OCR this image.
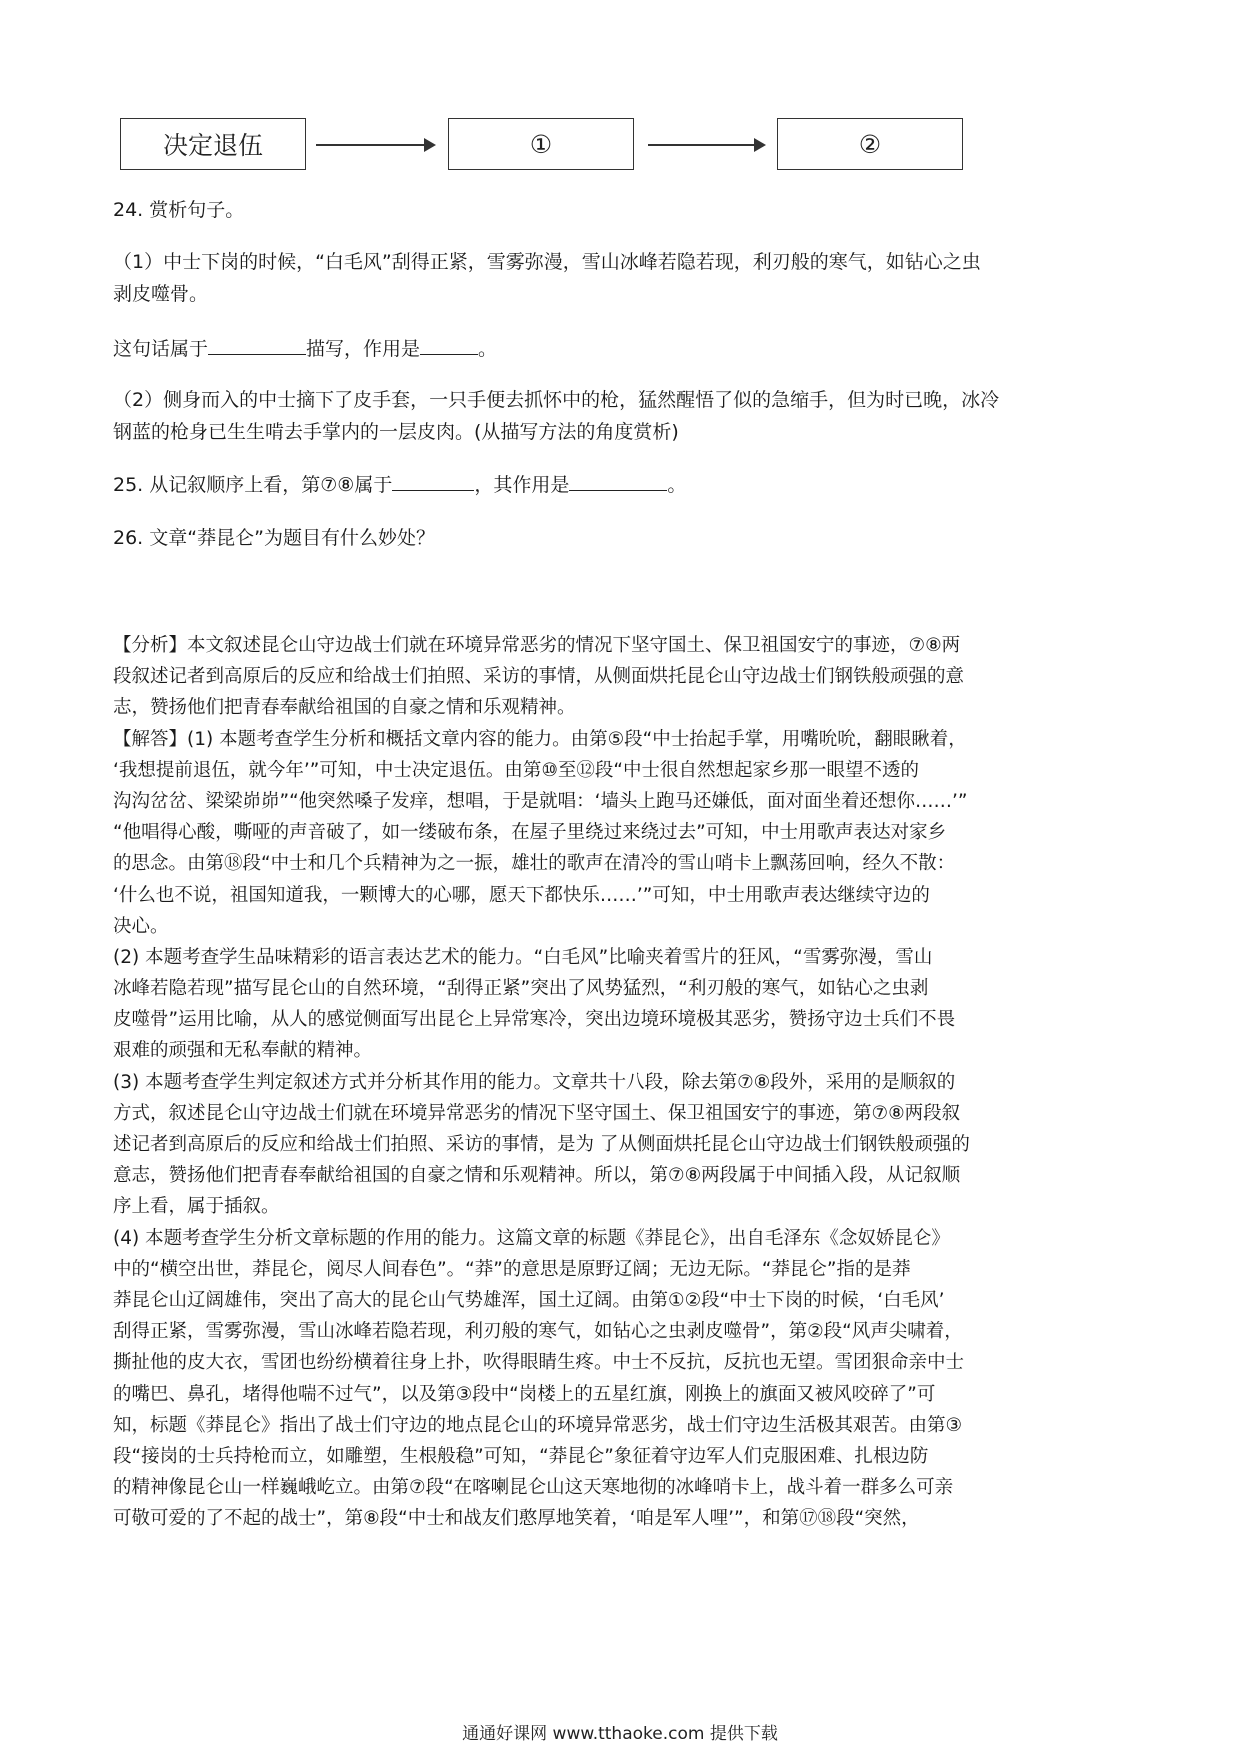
决定退伍	①	②
24. 赏析句子。
（1）中士下岗的时候，“白毛风”刮得正紧，雪雾弥漫，雪山冰峰若隐若现，利刃般的寒气，如钻心之虫
剥皮噬骨。
这句话属于	描写，作用是	。
（2）侧身而入的中士摘下了皮手套，一只手便去抓怀中的枪，猛然醒悟了似的急缩手，但为时已晚，冰冷
钢蓝的枪身已生生啃去手掌内的一层皮肉。(从描写方法的角度赏析)
25. 从记叙顺序上看，第⑦⑧属于	，其作用是	。
26. 文章“莽昆仑”为题目有什么妙处？
【分析】本文叙述昆仑山守边战士们就在环境异常恶劣的情况下坚守国土、保卫祖国安宁的事迹，⑦⑧两
段叙述记者到高原后的反应和给战士们拍照、采访的事情，从侧面烘托昆仑山守边战士们钢铁般顽强的意
志，赞扬他们把青春奉献给祖国的自豪之情和乐观精神。
【解答】(1) 本题考查学生分析和概括文章内容的能力。由第⑤段“中士抬起手掌，用嘴吮吮，翻眼瞅着，
‘我想提前退伍，就今年’”可知，中士决定退伍。由第⑩至⑫段“中士很自然想起家乡那一眼望不透的
沟沟岔岔、梁梁峁峁”“他突然嗓子发痒，想唱，于是就唱：‘墙头上跑马还嫌低，面对面坐着还想你……’”
“他唱得心酸，嘶哑的声音破了，如一缕破布条，在屋子里绕过来绕过去”可知，中士用歌声表达对家乡
的思念。由第⑱段“中士和几个兵精神为之一振，雄壮的歌声在清冷的雪山哨卡上飘荡回响，经久不散：
‘什么也不说，祖国知道我，一颗博大的心哪，愿天下都快乐……’”可知，中士用歌声表达继续守边的
决心。
(2) 本题考查学生品味精彩的语言表达艺术的能力。“白毛风”比喻夹着雪片的狂风，“雪雾弥漫，雪山
冰峰若隐若现”描写昆仑山的自然环境，“刮得正紧”突出了风势猛烈，“利刃般的寒气，如钻心之虫剥
皮噬骨”运用比喻，从人的感觉侧面写出昆仑上异常寒冷，突出边境环境极其恶劣，赞扬守边士兵们不畏
艰难的顽强和无私奉献的精神。
(3) 本题考查学生判定叙述方式并分析其作用的能力。文章共十八段，除去第⑦⑧段外，采用的是顺叙的
方式，叙述昆仑山守边战士们就在环境异常恶劣的情况下坚守国土、保卫祖国安宁的事迹，第⑦⑧两段叙
述记者到高原后的反应和给战士们拍照、采访的事情，是为 了从侧面烘托昆仑山守边战士们钢铁般顽强的
意志，赞扬他们把青春奉献给祖国的自豪之情和乐观精神。所以，第⑦⑧两段属于中间插入段，从记叙顺
序上看，属于插叙。
(4) 本题考查学生分析文章标题的作用的能力。这篇文章的标题《莽昆仑》，出自毛泽东《念奴娇昆仑》
中的“横空出世，莽昆仑，阅尽人间春色”。“莽”的意思是原野辽阔；无边无际。“莽昆仑”指的是莽
莽昆仑山辽阔雄伟，突出了高大的昆仑山气势雄浑，国土辽阔。由第①②段“中士下岗的时候，‘白毛风’
刮得正紧，雪雾弥漫，雪山冰峰若隐若现，利刃般的寒气，如钻心之虫剥皮噬骨”，第②段“风声尖啸着，
撕扯他的皮大衣，雪团也纷纷横着往身上扑，吹得眼睛生疼。中士不反抗，反抗也无望。雪团狠命亲中士
的嘴巴、鼻孔，堵得他喘不过气”，以及第③段中“岗楼上的五星红旗，刚换上的旗面又被风咬碎了”可
知，标题《莽昆仑》指出了战士们守边的地点昆仑山的环境异常恶劣，战士们守边生活极其艰苦。由第③
段“接岗的士兵持枪而立，如雕塑，生根般稳”可知，“莽昆仑”象征着守边军人们克服困难、扎根边防
的精神像昆仑山一样巍峨屹立。由第⑦段“在喀喇昆仑山这天寒地彻的冰峰哨卡上，战斗着一群多么可亲
可敬可爱的了不起的战士”，第⑧段“中士和战友们憨厚地笑着，‘咱是军人哩’”，和第⑰⑱段“突然，
通通好课网 www.tthaoke.com 提供下载
